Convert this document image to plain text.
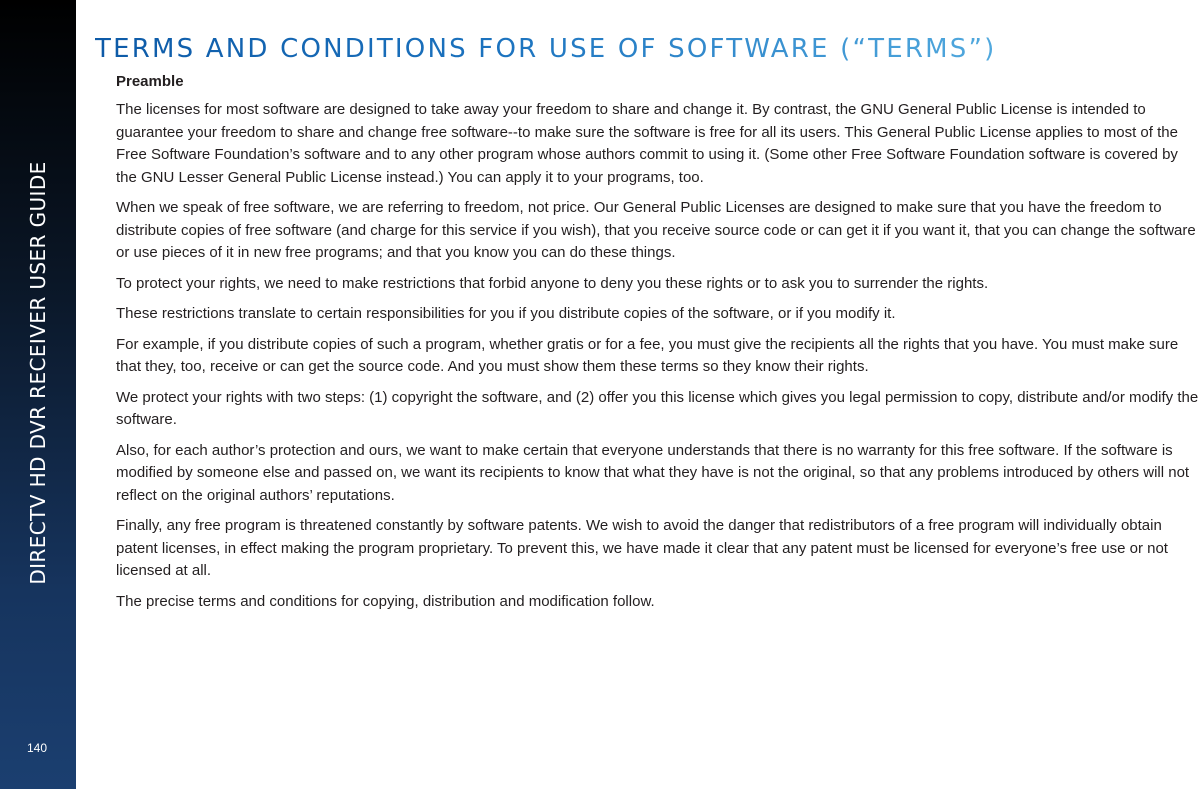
DIRECTV HD DVR RECEIVER USER GUIDE
140
TERMS AND CONDITIONS FOR USE OF SOFTWARE (“TERMS”)

Preamble

The licenses for most software are designed to take away your freedom to share and change it. By contrast, the GNU General Public License is intended to guarantee your freedom to share and change free software--to make sure the software is free for all its users. This General Public License applies to most of the Free Software Foundation’s software and to any other program whose authors commit to using it. (Some other Free Software Foundation software is covered by the GNU Lesser General Public License instead.) You can apply it to your programs, too.

When we speak of free software, we are referring to freedom, not price. Our General Public Licenses are designed to make sure that you have the freedom to distribute copies of free software (and charge for this service if you wish), that you receive source code or can get it if you want it, that you can change the software or use pieces of it in new free programs; and that you know you can do these things.

To protect your rights, we need to make restrictions that forbid anyone to deny you these rights or to ask you to surrender the rights.

These restrictions translate to certain responsibilities for you if you distribute copies of the software, or if you modify it.

For example, if you distribute copies of such a program, whether gratis or for a fee, you must give the recipients all the rights that you have. You must make sure that they, too, receive or can get the source code. And you must show them these terms so they know their rights.

We protect your rights with two steps: (1) copyright the software, and (2) offer you this license which gives you legal permission to copy, distribute and/or modify the software.

Also, for each author’s protection and ours, we want to make certain that everyone understands that there is no warranty for this free software. If the software is modified by someone else and passed on, we want its recipients to know that what they have is not the original, so that any problems introduced by others will not reflect on the original authors’ reputations.

Finally, any free program is threatened constantly by software patents. We wish to avoid the danger that redistributors of a free program will individually obtain patent licenses, in effect making the program proprietary. To prevent this, we have made it clear that any patent must be licensed for everyone’s free use or not licensed at all.

The precise terms and conditions for copying, distribution and modification follow.
